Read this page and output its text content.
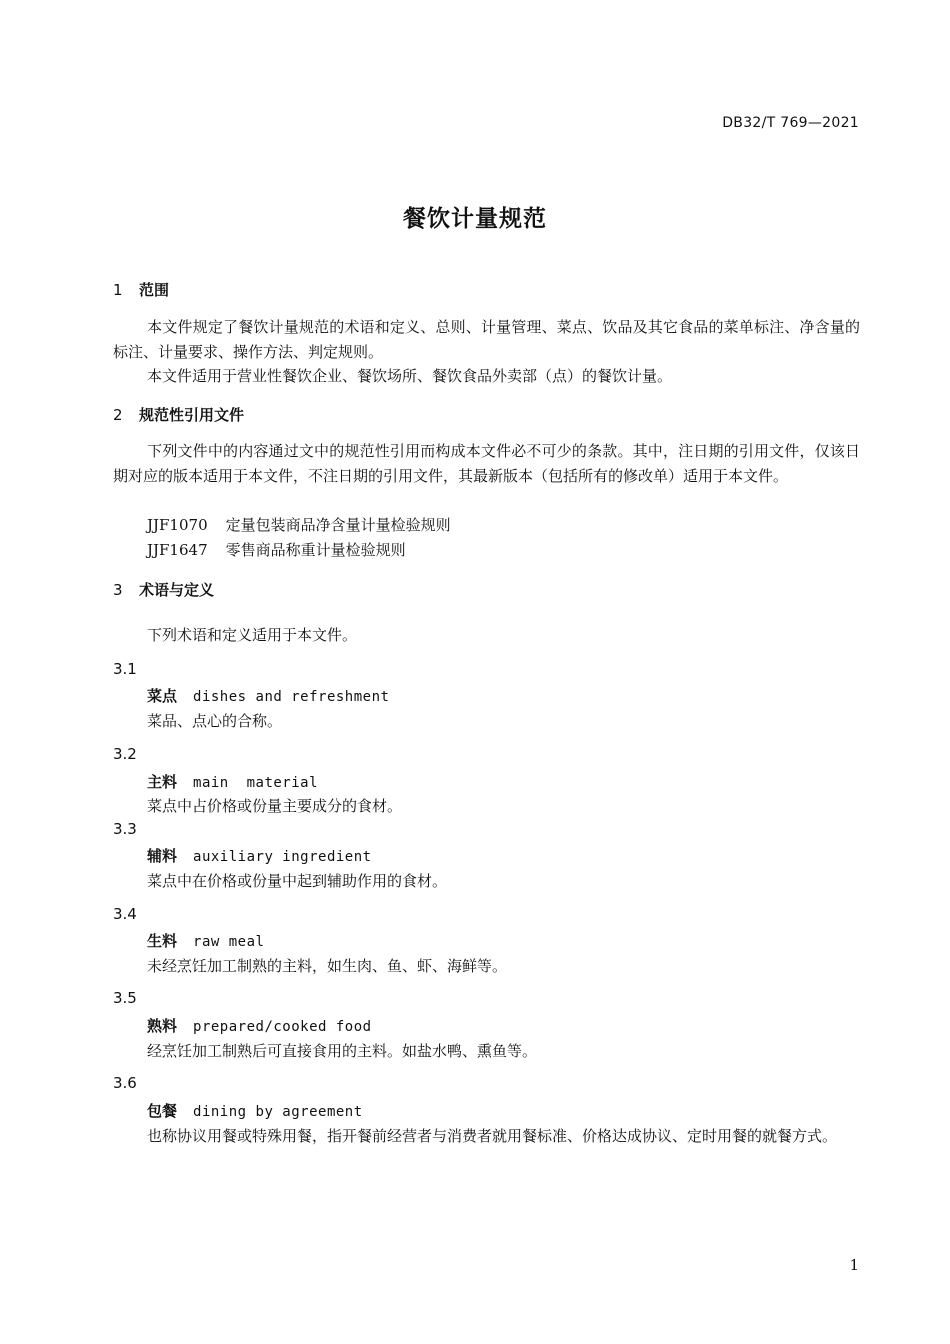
DB32/T 769—2021
餐饮计量规范
1 范围
本文件规定了餐饮计量规范的术语和定义、总则、计量管理、菜点、饮品及其它食品的菜单标注、净含量的标注、计量要求、操作方法、判定规则。
本文件适用于营业性餐饮企业、餐饮场所、餐饮食品外卖部（点）的餐饮计量。
2 规范性引用文件
下列文件中的内容通过文中的规范性引用而构成本文件必不可少的条款。其中，注日期的引用文件，仅该日期对应的版本适用于本文件，不注日期的引用文件，其最新版本（包括所有的修改单）适用于本文件。
JJF1070 定量包装商品净含量计量检验规则
JJF1647 零售商品称重计量检验规则
3 术语与定义
下列术语和定义适用于本文件。
3.1
菜点 dishes and refreshment
菜品、点心的合称。
3.2
主料 main  material
菜点中占价格或份量主要成分的食材。
3.3
辅料 auxiliary ingredient
菜点中在价格或份量中起到辅助作用的食材。
3.4
生料 raw meal
未经烹饪加工制熟的主料，如生肉、鱼、虾、海鲜等。
3.5
熟料 prepared/cooked food
经烹饪加工制熟后可直接食用的主料。如盐水鸭、熏鱼等。
3.6
包餐 dining by agreement
也称协议用餐或特殊用餐，指开餐前经营者与消费者就用餐标准、价格达成协议、定时用餐的就餐方式。
1
